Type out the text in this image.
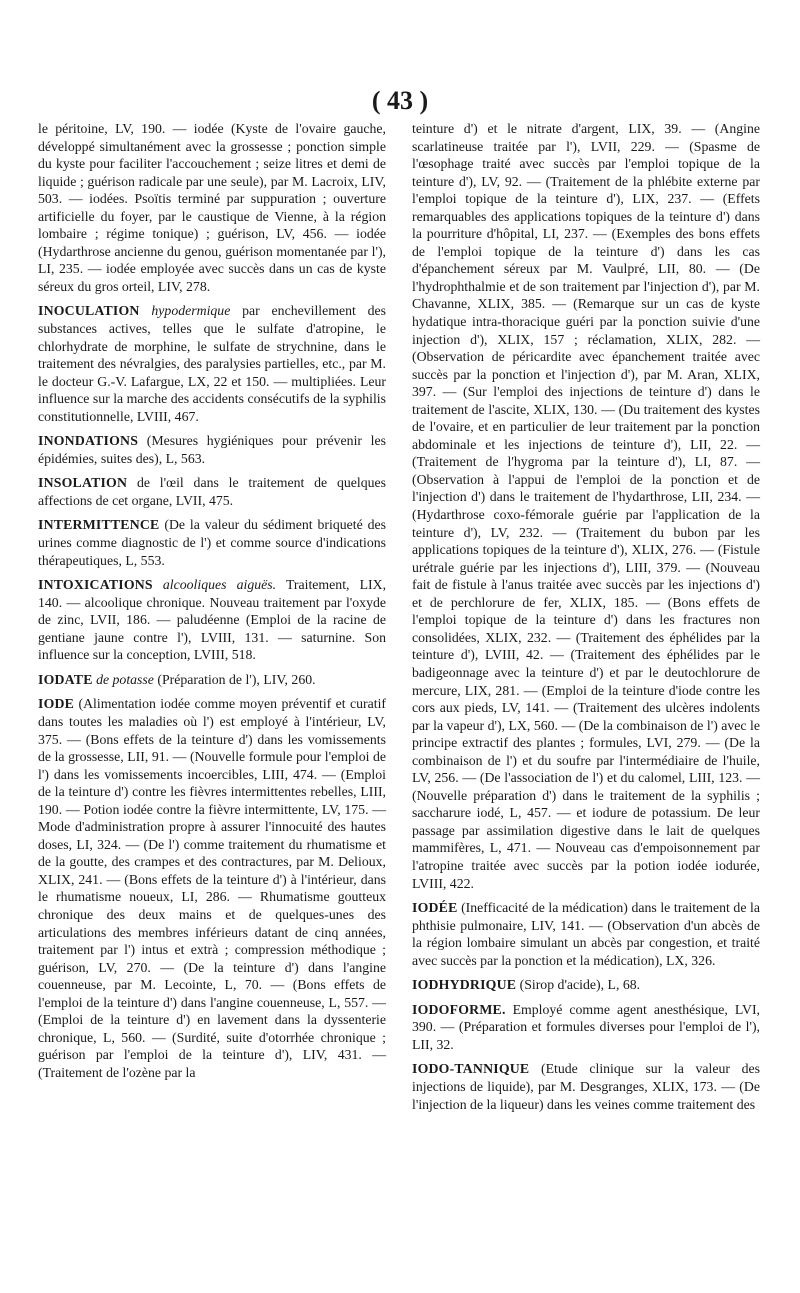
( 43 )

le péritoine, LV, 190. — iodée (Kyste de l'ovaire gauche, développé simultanément avec la grossesse ; ponction simple du kyste pour faciliter l'accouchement ; seize litres et demi de liquide ; guérison radicale par une seule), par M. Lacroix, LIV, 503. — iodées. Psoïtis terminé par suppuration ; ouverture artificielle du foyer, par le caustique de Vienne, à la région lombaire ; régime tonique) ; guérison, LV, 456. — iodée (Hydarthrose ancienne du genou, guérison momentanée par l'), LI, 235. — iodée employée avec succès dans un cas de kyste séreux du gros orteil, LIV, 278.

INOCULATION hypodermique par enchevillement des substances actives, telles que le sulfate d'atropine, le chlorhydrate de morphine, le sulfate de strychnine, dans le traitement des névralgies, des paralysies partielles, etc., par M. le docteur G.-V. Lafargue, LX, 22 et 150. — multipliées. Leur influence sur la marche des accidents consécutifs de la syphilis constitutionnelle, LVIII, 467.

INONDATIONS (Mesures hygiéniques pour prévenir les épidémies, suites des), L, 563.

INSOLATION de l'œil dans le traitement de quelques affections de cet organe, LVII, 475.

INTERMITTENCE (De la valeur du sédiment briqueté des urines comme diagnostic de l') et comme source d'indications thérapeutiques, L, 553.

INTOXICATIONS alcooliques aiguës. Traitement, LIX, 140. — alcoolique chronique. Nouveau traitement par l'oxyde de zinc, LVII, 186. — paludéenne (Emploi de la racine de gentiane jaune contre l'), LVIII, 131. — saturnine. Son influence sur la conception, LVIII, 518.

IODATE de potasse (Préparation de l'), LIV, 260.

IODE (Alimentation iodée comme moyen préventif et curatif dans toutes les maladies où l') est employé à l'intérieur, LV, 375. — (Bons effets de la teinture d') dans les vomissements de la grossesse, LII, 91. — (Nouvelle formule pour l'emploi de l') dans les vomissements incoercibles, LIII, 474. — (Emploi de la teinture d') contre les fièvres intermittentes rebelles, LIII, 190. — Potion iodée contre la fièvre intermittente, LV, 175. — Mode d'administration propre à assurer l'innocuité des hautes doses, LI, 324. — (De l') comme traitement du rhumatisme et de la goutte, des crampes et des contractures, par M. Delioux, XLIX, 241. — (Bons effets de la teinture d') à l'intérieur, dans le rhumatisme noueux, LI, 286. — Rhumatisme goutteux chronique des deux mains et de quelques-unes des articulations des membres inférieurs datant de cinq années, traitement par l') intus et extrà ; compression méthodique ; guérison, LV, 270. — (De la teinture d') dans l'angine couenneuse, par M. Lecointe, L, 70. — (Bons effets de l'emploi de la teinture d') dans l'angine couenneuse, L, 557. — (Emploi de la teinture d') en lavement dans la dyssenterie chronique, L, 560. — (Surdité, suite d'otorrhée chronique ; guérison par l'emploi de la teinture d'), LIV, 431. — (Traitement de l'ozène par la

teinture d') et le nitrate d'argent, LIX, 39. — (Angine scarlatineuse traitée par l'), LVII, 229. — (Spasme de l'œsophage traité avec succès par l'emploi topique de la teinture d'), LV, 92. — (Traitement de la phlébite externe par l'emploi topique de la teinture d'), LIX, 237. — (Effets remarquables des applications topiques de la teinture d') dans la pourriture d'hôpital, LI, 237. — (Exemples des bons effets de l'emploi topique de la teinture d') dans les cas d'épanchement séreux par M. Vaulpré, LII, 80. — (De l'hydrophthalmie et de son traitement par l'injection d'), par M. Chavanne, XLIX, 385. — (Remarque sur un cas de kyste hydatique intra-thoracique guéri par la ponction suivie d'une injection d'), XLIX, 157 ; réclamation, XLIX, 282. — (Observation de péricardite avec épanchement traitée avec succès par la ponction et l'injection d'), par M. Aran, XLIX, 397. — (Sur l'emploi des injections de teinture d') dans le traitement de l'ascite, XLIX, 130. — (Du traitement des kystes de l'ovaire, et en particulier de leur traitement par la ponction abdominale et les injections de teinture d'), LII, 22. — (Traitement de l'hygroma par la teinture d'), LI, 87. — (Observation à l'appui de l'emploi de la ponction et de l'injection d') dans le traitement de l'hydarthrose, LII, 234. — (Hydarthrose coxo-fémorale guérie par l'application de la teinture d'), LV, 232. — (Traitement du bubon par les applications topiques de la teinture d'), XLIX, 276. — (Fistule urétrale guérie par les injections d'), LIII, 379. — (Nouveau fait de fistule à l'anus traitée avec succès par les injections d') et de perchlorure de fer, XLIX, 185. — (Bons effets de l'emploi topique de la teinture d') dans les fractures non consolidées, XLIX, 232. — (Traitement des éphélides par la teinture d'), LVIII, 42. — (Traitement des éphélides par le badigeonnage avec la teinture d') et par le deutochlorure de mercure, LIX, 281. — (Emploi de la teinture d'iode contre les cors aux pieds, LV, 141. — (Traitement des ulcères indolents par la vapeur d'), LX, 560. — (De la combinaison de l') avec le principe extractif des plantes ; formules, LVI, 279. — (De la combinaison de l') et du soufre par l'intermédiaire de l'huile, LV, 256. — (De l'association de l') et du calomel, LIII, 123. — (Nouvelle préparation d') dans le traitement de la syphilis ; saccharure iodé, L, 457. — et iodure de potassium. De leur passage par assimilation digestive dans le lait de quelques mammifères, L, 471. — Nouveau cas d'empoisonnement par l'atropine traitée avec succès par la potion iodée iodurée, LVIII, 422.

IODÉE (Inefficacité de la médication) dans le traitement de la phthisie pulmonaire, LIV, 141. — (Observation d'un abcès de la région lombaire simulant un abcès par congestion, et traité avec succès par la ponction et la médication), LX, 326.

IODHYDRIQUE (Sirop d'acide), L, 68.

IODOFORME. Employé comme agent anesthésique, LVI, 390. — (Préparation et formules diverses pour l'emploi de l'), LII, 32.

IODO-TANNIQUE (Etude clinique sur la valeur des injections de liquide), par M. Desgranges, XLIX, 173. — (De l'injection de la liqueur) dans les veines comme traitement des
